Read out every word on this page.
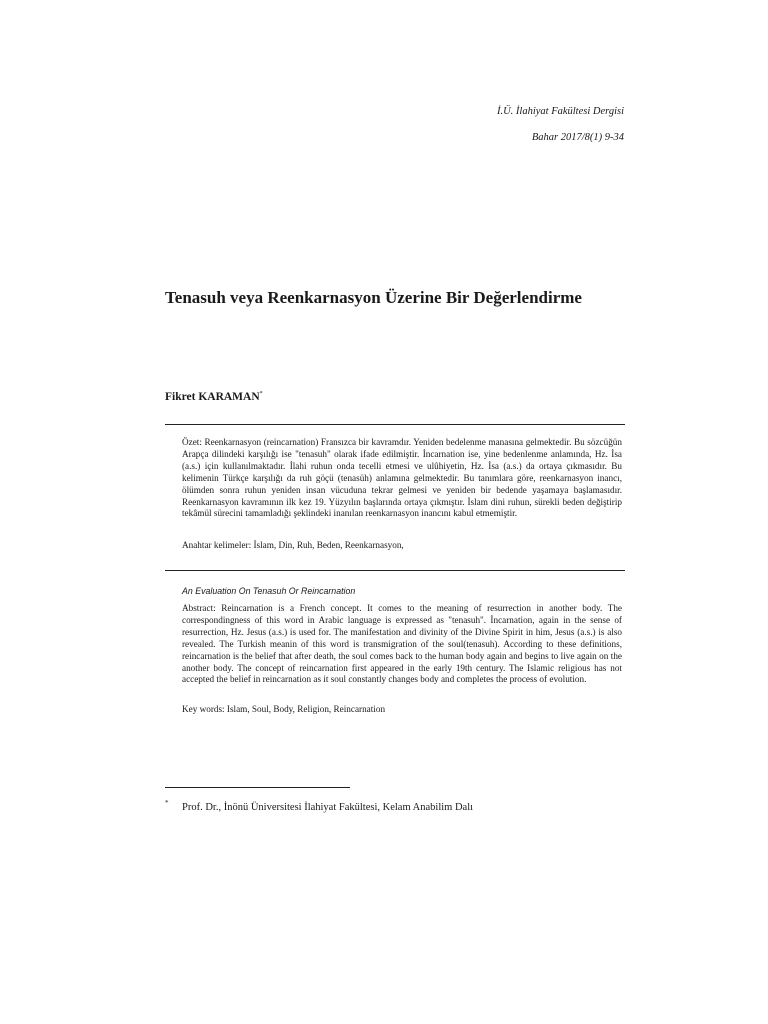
İ.Ü. İlahiyat Fakültesi Dergisi
Bahar 2017/8(1) 9-34
Tenasuh veya Reenkarnasyon Üzerine Bir Değerlendirme
Fikret KARAMAN*
Özet: Reenkarnasyon (reincarnation) Fransızca bir kavramdır. Yeniden bedelenme manasına gelmektedir. Bu sözcüğün Arapça dilindeki karşılığı ise "tenasuh" olarak ifade edilmiştir. İncarnation ise, yine bedenlenme anlamında, Hz. İsa (a.s.) için kullanılmaktadır. İlahi ruhun onda tecelli etmesi ve ulûhiyetin, Hz. İsa (a.s.) da ortaya çıkmasıdır. Bu kelimenin Türkçe karşılığı da ruh göçü (tenasüh) anlamına gelmektedir. Bu tanımlara göre, reenkarnasyon inancı, ölümden sonra ruhun yeniden insan vücuduna tekrar gelmesi ve yeniden bir bedende yaşamaya başlamasıdır. Reenkarnasyon kavramının ilk kez 19. Yüzyılın başlarında ortaya çıkmıştır. İslam dini ruhun, sürekli beden değiştirip tekâmül sürecini tamamladığı şeklindeki inanılan reenkarnasyon inancını kabul etmemiştir.
Anahtar kelimeler: İslam, Din, Ruh, Beden, Reenkarnasyon,
An Evaluation On Tenasuh Or Reincarnation
Abstract: Reincarnation is a French concept. It comes to the meaning of resurrection in another body. The correspondingness of this word in Arabic language is expressed as "tenasuh". İncarnation, again in the sense of resurrection, Hz. Jesus (a.s.) is used for. The manifestation and divinity of the Divine Spirit in him, Jesus (a.s.) is also revealed. The Turkish meanin of this word is transmigration of the soul(tenasuh). According to these definitions, reincarnation is the belief that after death, the soul comes back to the human body again and begins to live again on the another body. The concept of reincarnation first appeared in the early 19th century. The Islamic religious has not accepted the belief in reincarnation as it soul constantly changes body and completes the process of evolution.
Key words: Islam, Soul, Body, Religion, Reincarnation
* Prof. Dr., İnönü Üniversitesi İlahiyat Fakültesi, Kelam Anabilim Dalı
